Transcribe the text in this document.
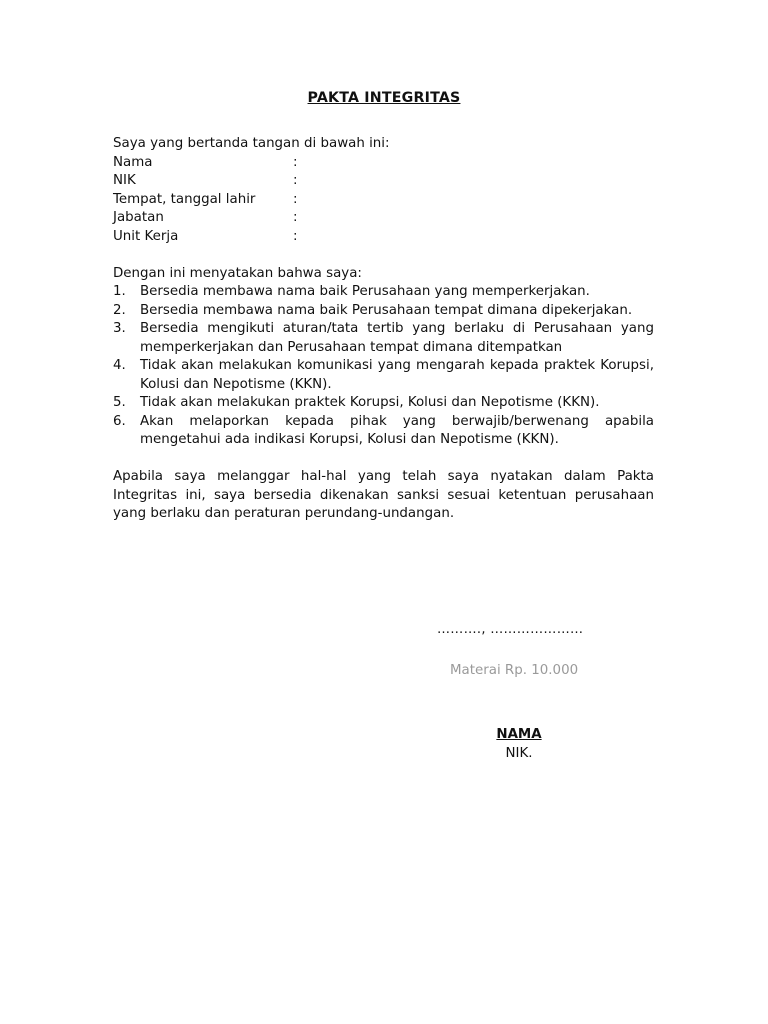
PAKTA INTEGRITAS

Saya yang bertanda tangan di bawah ini:

Nama	:
NIK	:
Tempat, tanggal lahir	:
Jabatan	:
Unit Kerja	:

Dengan ini menyatakan bahwa saya:

1.	Bersedia membawa nama baik Perusahaan yang memperkerjakan.
2.	Bersedia membawa nama baik Perusahaan tempat dimana dipekerjakan.
3.	Bersedia mengikuti aturan/tata tertib yang berlaku di Perusahaan yang memperkerjakan dan Perusahaan tempat dimana ditempatkan
4.	Tidak akan melakukan komunikasi yang mengarah kepada praktek Korupsi, Kolusi dan Nepotisme (KKN).
5.	Tidak akan melakukan praktek Korupsi, Kolusi dan Nepotisme (KKN).
6.	Akan melaporkan kepada pihak yang berwajib/berwenang apabila mengetahui ada indikasi Korupsi, Kolusi dan Nepotisme (KKN).

Apabila saya melanggar hal-hal yang telah saya nyatakan dalam Pakta Integritas ini, saya bersedia dikenakan sanksi sesuai ketentuan perusahaan yang berlaku dan peraturan perundang-undangan.

………., …………………
Materai Rp. 10.000
NAMA
NIK.
